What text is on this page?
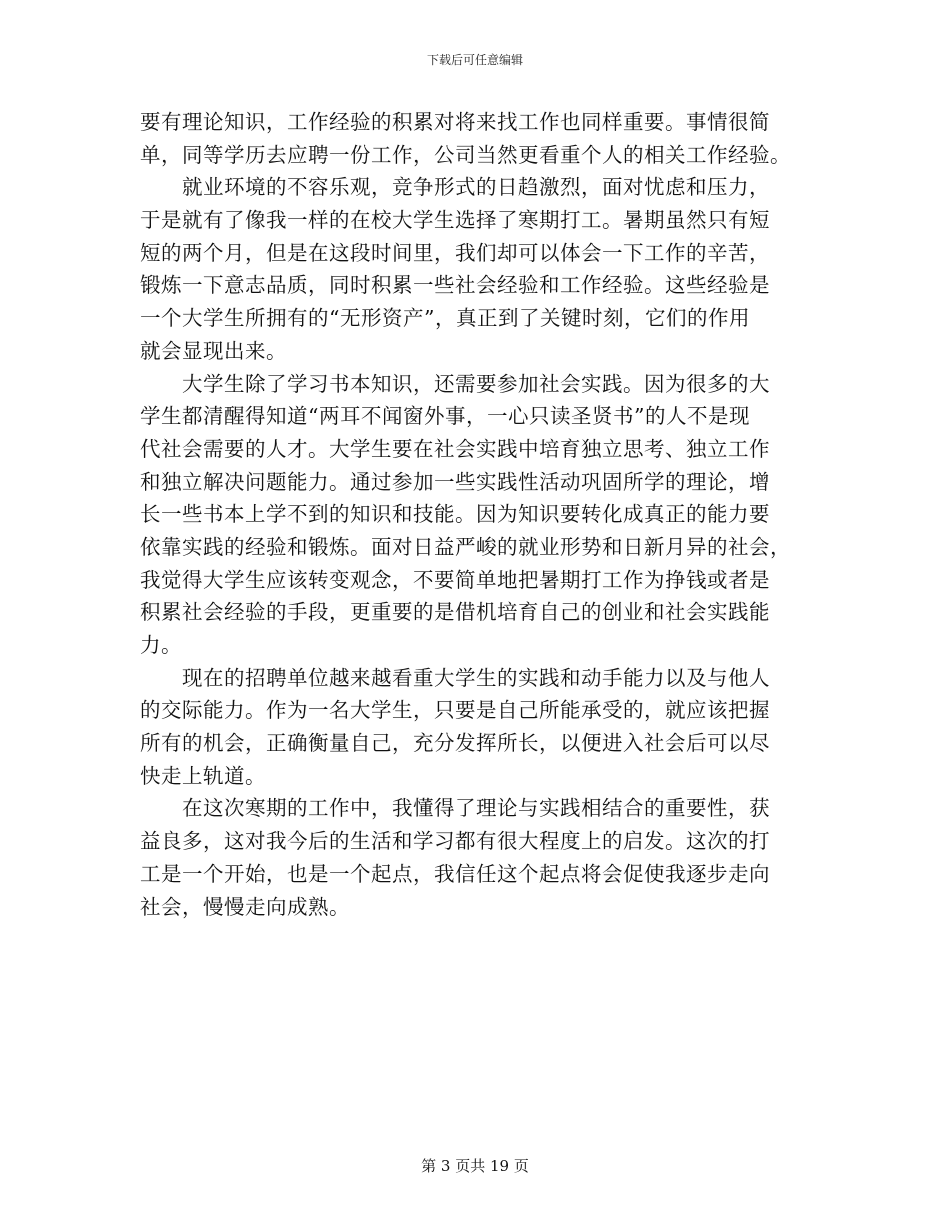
下载后可任意编辑
要有理论知识，工作经验的积累对将来找工作也同样重要。事情很简
单，同等学历去应聘一份工作，公司当然更看重个人的相关工作经验。
就业环境的不容乐观，竞争形式的日趋激烈，面对忧虑和压力，
于是就有了像我一样的在校大学生选择了寒期打工。暑期虽然只有短
短的两个月，但是在这段时间里，我们却可以体会一下工作的辛苦，
锻炼一下意志品质，同时积累一些社会经验和工作经验。这些经验是
一个大学生所拥有的“无形资产”，真正到了关键时刻，它们的作用
就会显现出来。
大学生除了学习书本知识，还需要参加社会实践。因为很多的大
学生都清醒得知道“两耳不闻窗外事，一心只读圣贤书”的人不是现
代社会需要的人才。大学生要在社会实践中培育独立思考、独立工作
和独立解决问题能力。通过参加一些实践性活动巩固所学的理论，增
长一些书本上学不到的知识和技能。因为知识要转化成真正的能力要
依靠实践的经验和锻炼。面对日益严峻的就业形势和日新月异的社会，
我觉得大学生应该转变观念，不要简单地把暑期打工作为挣钱或者是
积累社会经验的手段，更重要的是借机培育自己的创业和社会实践能
力。
现在的招聘单位越来越看重大学生的实践和动手能力以及与他人
的交际能力。作为一名大学生，只要是自己所能承受的，就应该把握
所有的机会，正确衡量自己，充分发挥所长，以便进入社会后可以尽
快走上轨道。
在这次寒期的工作中，我懂得了理论与实践相结合的重要性，获
益良多，这对我今后的生活和学习都有很大程度上的启发。这次的打
工是一个开始，也是一个起点，我信任这个起点将会促使我逐步走向
社会，慢慢走向成熟。
第 3 页共 19 页
